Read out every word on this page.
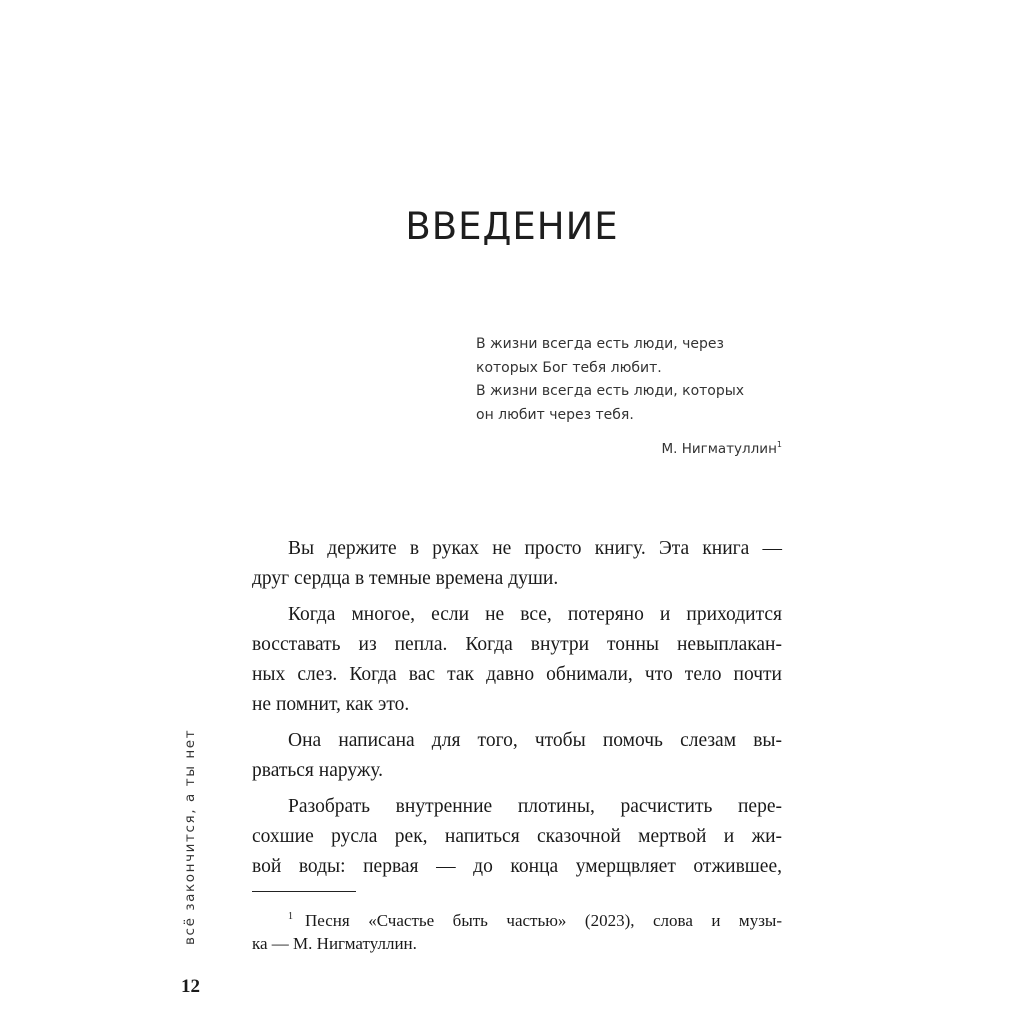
ВВЕДЕНИЕ
В жизни всегда есть люди, через
которых Бог тебя любит.
В жизни всегда есть люди, которых
он любит через тебя.
М. Нигматуллин$^1$
Вы держите в руках не просто книгу. Эта книга —
друг сердца в темные времена души.
Когда многое, если не все, потеряно и приходится
восставать из пепла. Когда внутри тонны невыплакан-
ных слез. Когда вас так давно обнимали, что тело почти
не помнит, как это.
Она написана для того, чтобы помочь слезам вы-
рваться наружу.
Разобрать внутренние плотины, расчистить пере-
сохшие русла рек, напиться сказочной мертвой и жи-
вой воды: первая — до конца умерщвляет отжившее,
$^1$ Песня «Счастье быть частью» (2023), слова и музы-
ка — М. Нигматуллин.
всё закончится, а ты нет
12
